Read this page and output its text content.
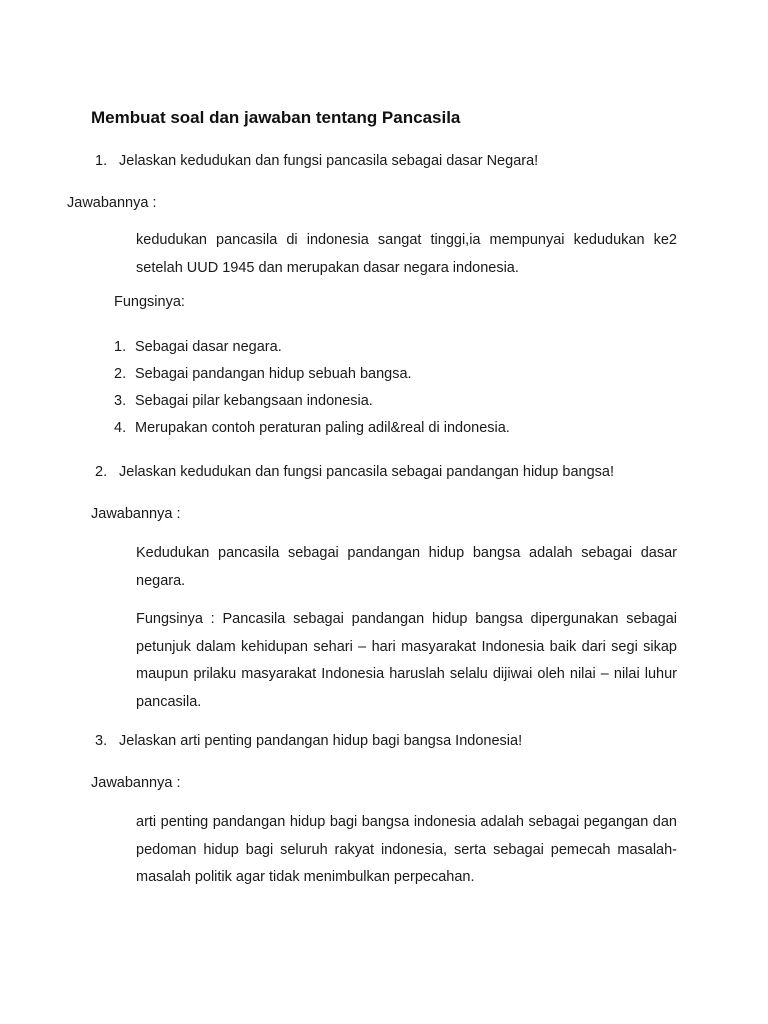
Membuat soal dan jawaban tentang Pancasila

1. Jelaskan kedudukan dan fungsi pancasila sebagai dasar Negara!

Jawabannya :

kedudukan pancasila di indonesia sangat tinggi,ia mempunyai kedudukan ke2 setelah UUD 1945 dan merupakan dasar negara indonesia.

Fungsinya:

1. Sebagai dasar negara.
2. Sebagai pandangan hidup sebuah bangsa.
3. Sebagai pilar kebangsaan indonesia.
4. Merupakan contoh peraturan paling adil&real di indonesia.

2. Jelaskan kedudukan dan fungsi pancasila sebagai pandangan hidup bangsa!

Jawabannya :

Kedudukan pancasila sebagai pandangan hidup bangsa adalah sebagai dasar negara.

Fungsinya : Pancasila sebagai pandangan hidup bangsa dipergunakan sebagai petunjuk dalam kehidupan sehari – hari masyarakat Indonesia baik dari segi sikap maupun prilaku masyarakat Indonesia haruslah selalu dijiwai oleh nilai – nilai luhur pancasila.

3. Jelaskan arti penting pandangan hidup bagi bangsa Indonesia!

Jawabannya :

arti penting pandangan hidup bagi bangsa indonesia adalah sebagai pegangan dan pedoman hidup bagi seluruh rakyat indonesia, serta sebagai pemecah masalah-masalah politik agar tidak menimbulkan perpecahan.
